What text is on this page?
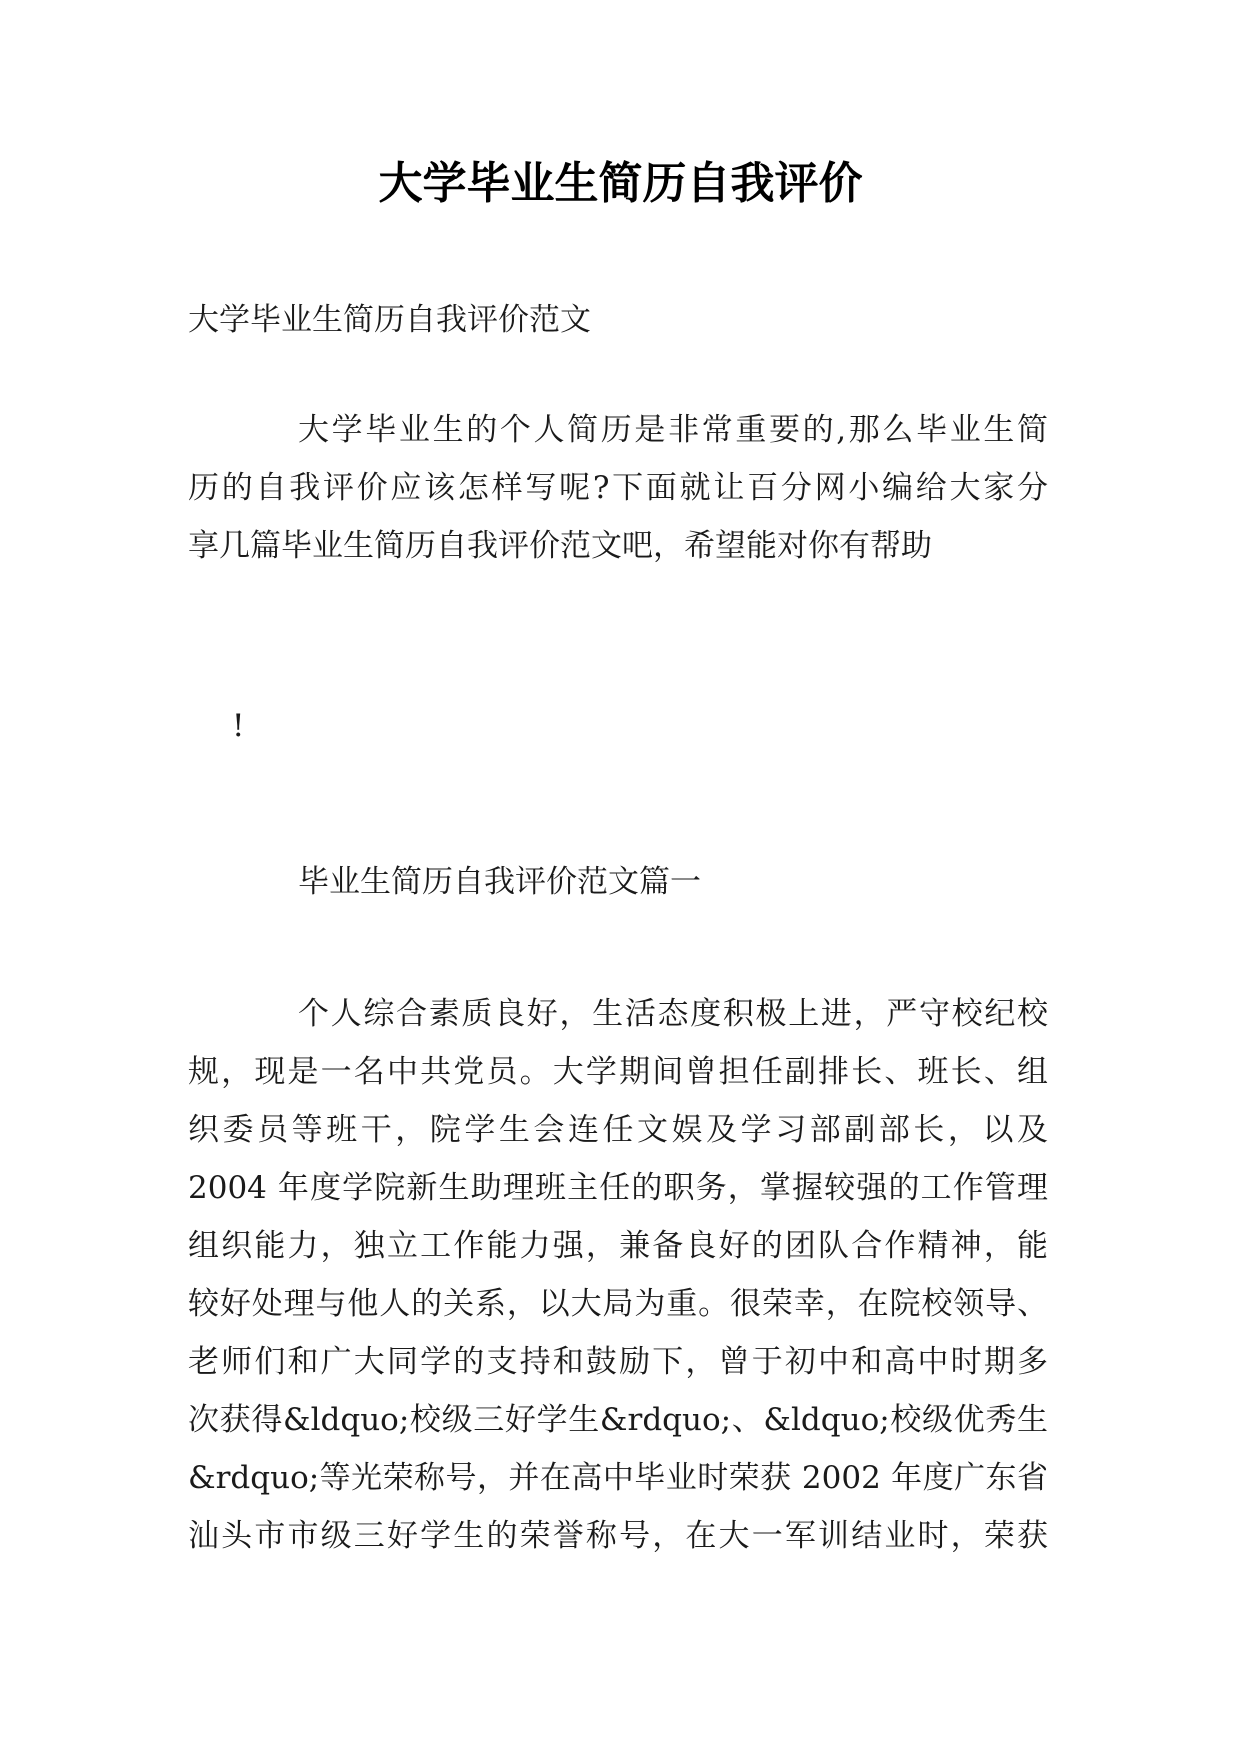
大学毕业生简历自我评价
大学毕业生简历自我评价范文
大学毕业生的个人简历是非常重要的,那么毕业生简
历的自我评价应该怎样写呢?下面就让百分网小编给大家分
享几篇毕业生简历自我评价范文吧，希望能对你有帮助
!
毕业生简历自我评价范文篇一
个人综合素质良好，生活态度积极上进，严守校纪校
规，现是一名中共党员。大学期间曾担任副排长、班长、组
织委员等班干，院学生会连任文娱及学习部副部长，以及
2004 年度学院新生助理班主任的职务，掌握较强的工作管理
组织能力，独立工作能力强，兼备良好的团队合作精神，能
较好处理与他人的关系，以大局为重。很荣幸，在院校领导、
老师们和广大同学的支持和鼓励下，曾于初中和高中时期多
次获得&ldquo;校级三好学生&rdquo;、&ldquo;校级优秀生
&rdquo;等光荣称号，并在高中毕业时荣获 2002 年度广东省
汕头市市级三好学生的荣誉称号，在大一军训结业时，荣获
